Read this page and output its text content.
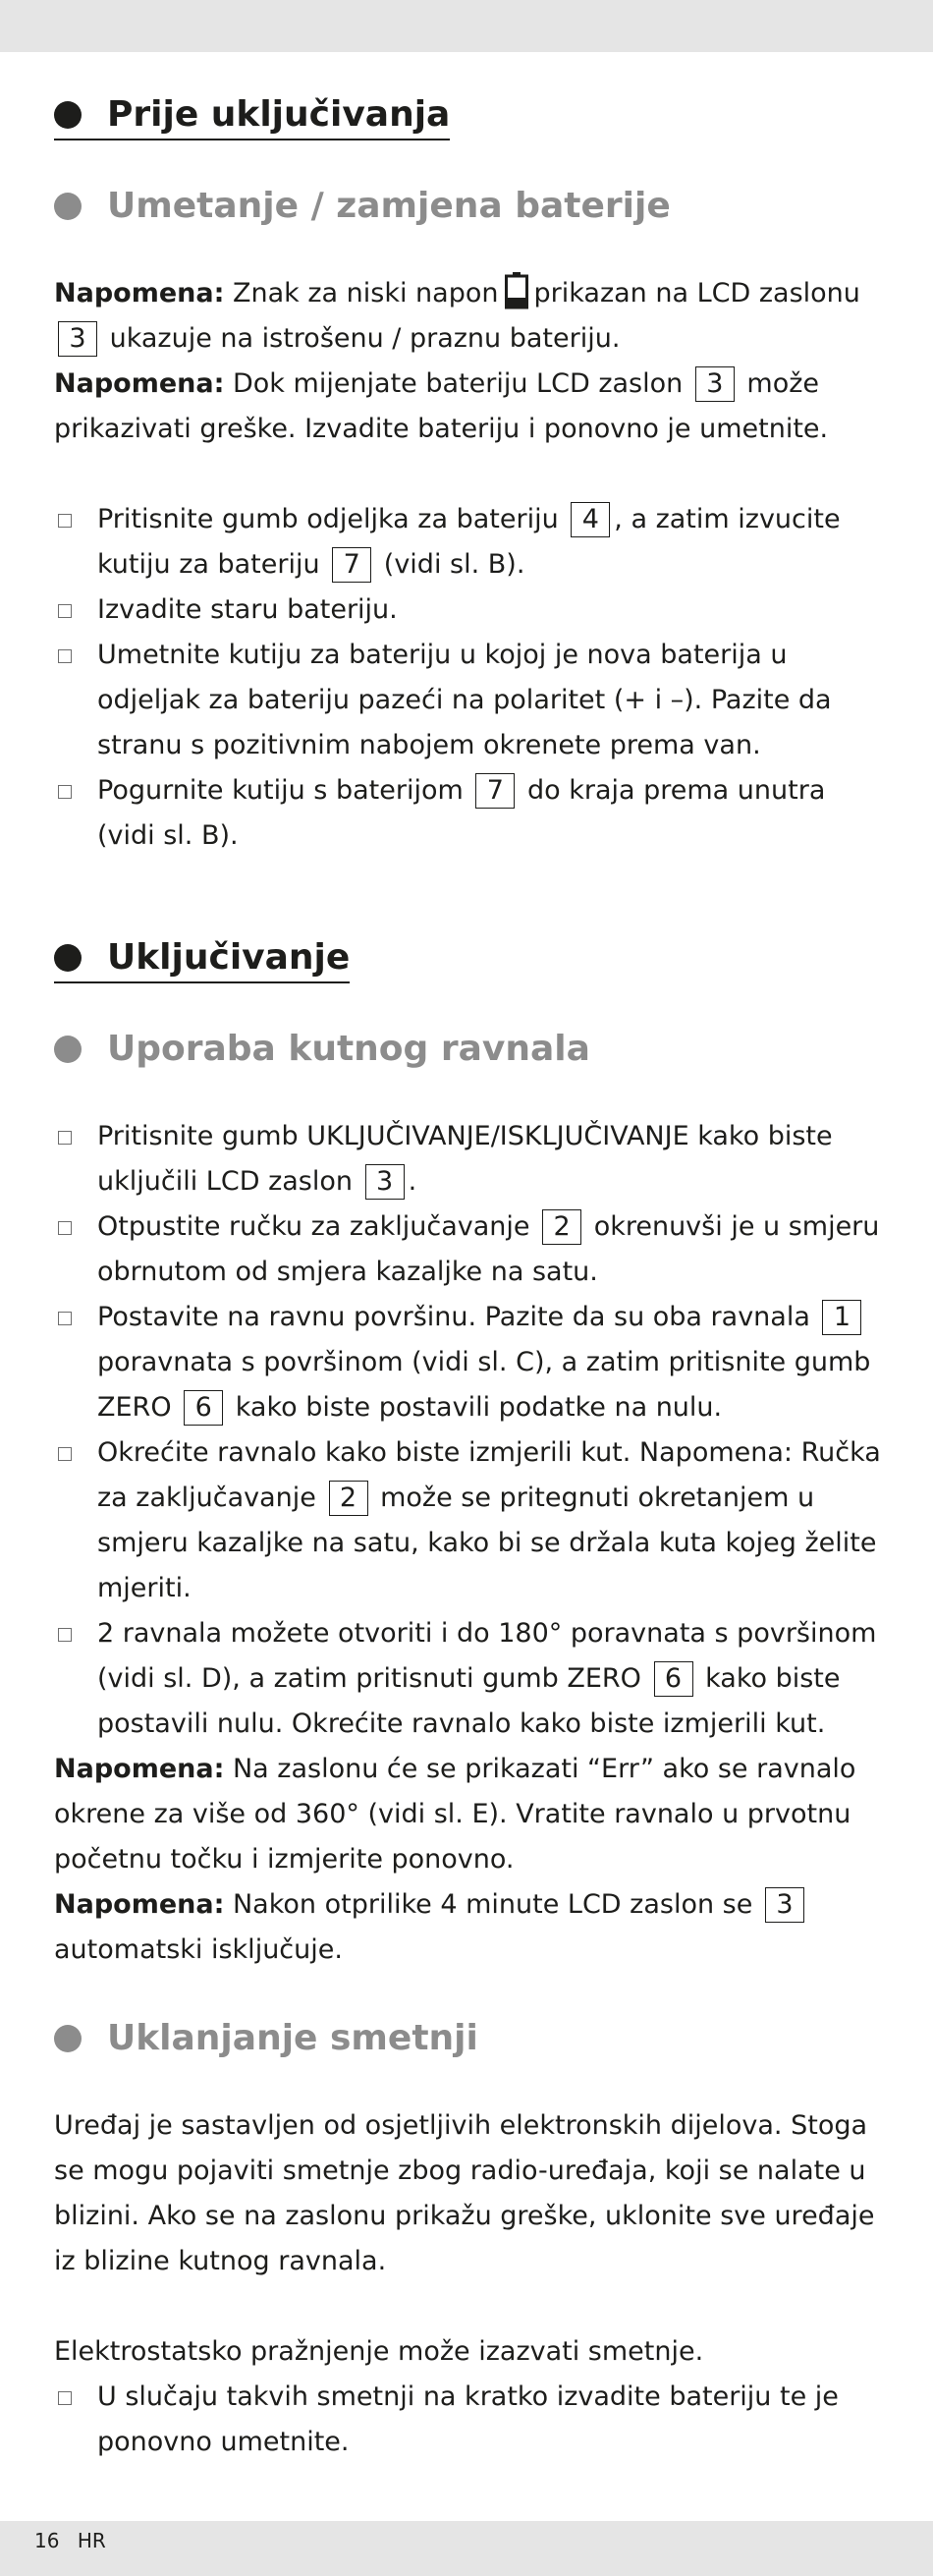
Prije uključivanja
Umetanje / zamjena baterije

Napomena: Znak za niski napon prikazan na LCD zaslonu 3 ukazuje na istrošenu / praznu bateriju.

Napomena: Dok mijenjate bateriju LCD zaslon 3 može prikazivati greške. Izvadite bateriju i ponovno je umetnite.

Pritisnite gumb odjeljka za bateriju 4 , a zatim izvucite kutiju za bateriju 7 (vidi sl. B).
Izvadite staru bateriju.
Umetnite kutiju za bateriju u kojoj je nova baterija u odjeljak za bateriju pazeći na polaritet (+ i –). Pazite da stranu s pozitivnim nabojem okrenete prema van.
Pogurnite kutiju s baterijom 7 do kraja prema unutra (vidi sl. B).
Uključivanje
Uporaba kutnog ravnala
Pritisnite gumb UKLJUČIVANJE/ISKLJUČIVANJE kako biste uključili LCD zaslon 3 .
Otpustite ručku za zaključavanje 2 okrenuvši je u smjeru obrnutom od smjera kazaljke na satu.
Postavite na ravnu površinu. Pazite da su oba ravnala 1 poravnata s površinom (vidi sl. C), a zatim pritisnite gumb ZERO 6 kako biste postavili podatke na nulu.
Okrećite ravnalo kako biste izmjerili kut. Napomena: Ručka za zaključavanje 2 može se pritegnuti okretanjem u smjeru kazaljke na satu, kako bi se držala kuta kojeg želite mjeriti.
2 ravnala možete otvoriti i do 180° poravnata s površinom (vidi sl. D), a zatim pritisnuti gumb ZERO 6 kako biste postavili nulu. Okrećite ravnalo kako biste izmjerili kut.

Napomena: Na zaslonu će se prikazati “Err” ako se ravnalo okrene za više od 360° (vidi sl. E). Vratite ravnalo u prvotnu početnu točku i izmjerite ponovno.

Napomena: Nakon otprilike 4 minute LCD zaslon se 3 automatski isključuje.

Uklanjanje smetnji

Uređaj je sastavljen od osjetljivih elektronskih dijelova. Stoga se mogu pojaviti smetnje zbog radio-uređaja, koji se nalate u blizini. Ako se na zaslonu prikažu greške, uklonite sve uređaje iz blizine kutnog ravnala.

Elektrostatsko pražnjenje može izazvati smetnje.

U slučaju takvih smetnji na kratko izvadite bateriju te je ponovno umetnite.
16 HR
